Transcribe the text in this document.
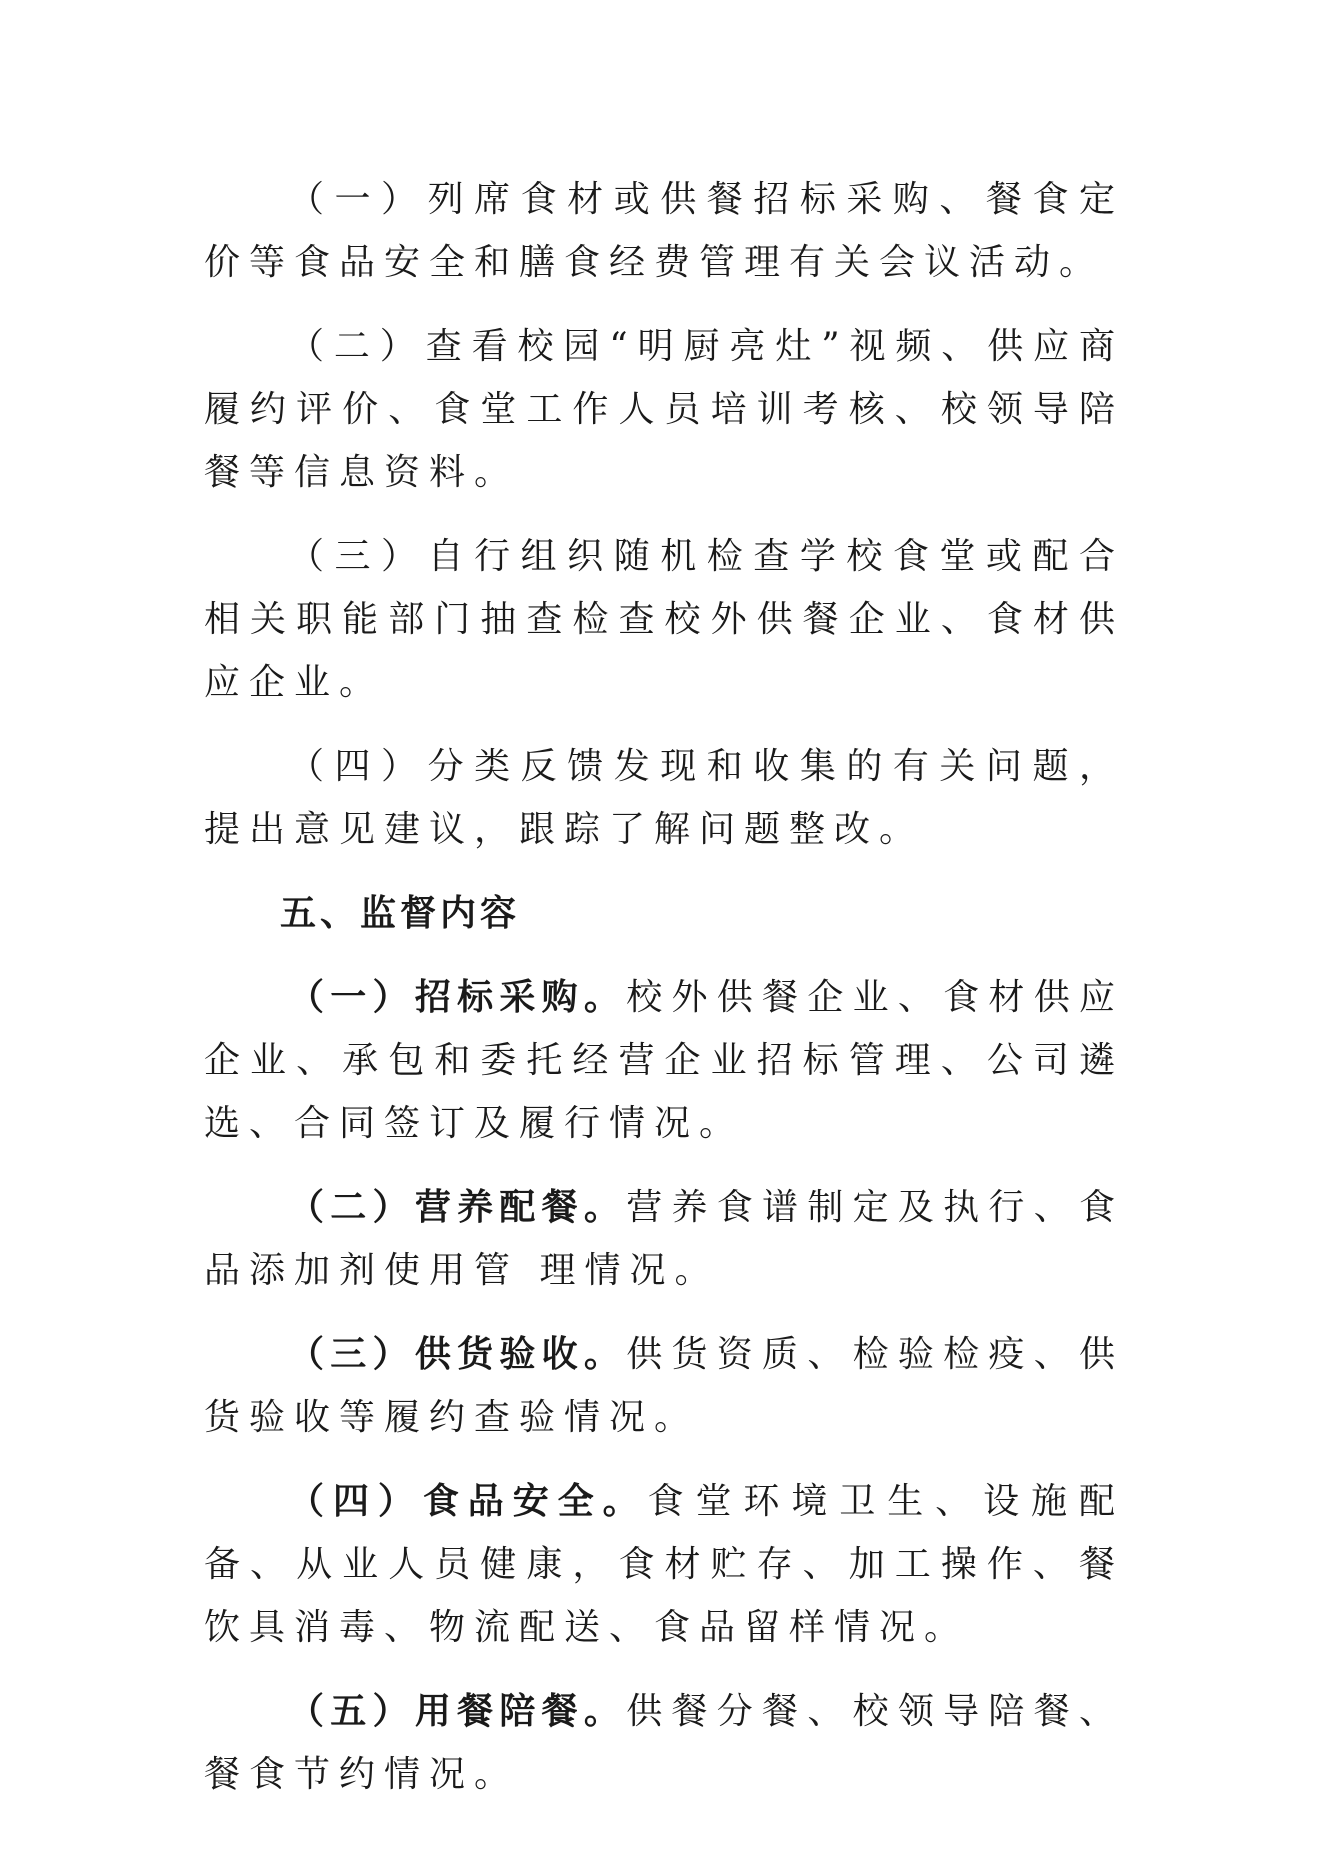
（一）列席食材或供餐招标采购、餐食定价等食品安全和膳食经费管理有关会议活动。

（二）查看校园“明厨亮灶”视频、供应商履约评价、食堂工作人员培训考核、校领导陪餐等信息资料。

（三）自行组织随机检查学校食堂或配合相关职能部门抽查检查校外供餐企业、食材供应企业。

（四）分类反馈发现和收集的有关问题，提出意见建议，跟踪了解问题整改。

五、监督内容

（一）招标采购。校外供餐企业、食材供应企业、承包和委托经营企业招标管理、公司遴选、合同签订及履行情况。

（二）营养配餐。营养食谱制定及执行、食品添加剂使用管 理情况。

（三）供货验收。供货资质、检验检疫、供货验收等履约查验情况。

（四）食品安全。食堂环境卫生、设施配备、从业人员健康，食材贮存、加工操作、餐饮具消毒、物流配送、食品留样情况。

（五）用餐陪餐。供餐分餐、校领导陪餐、餐食节约情况。
